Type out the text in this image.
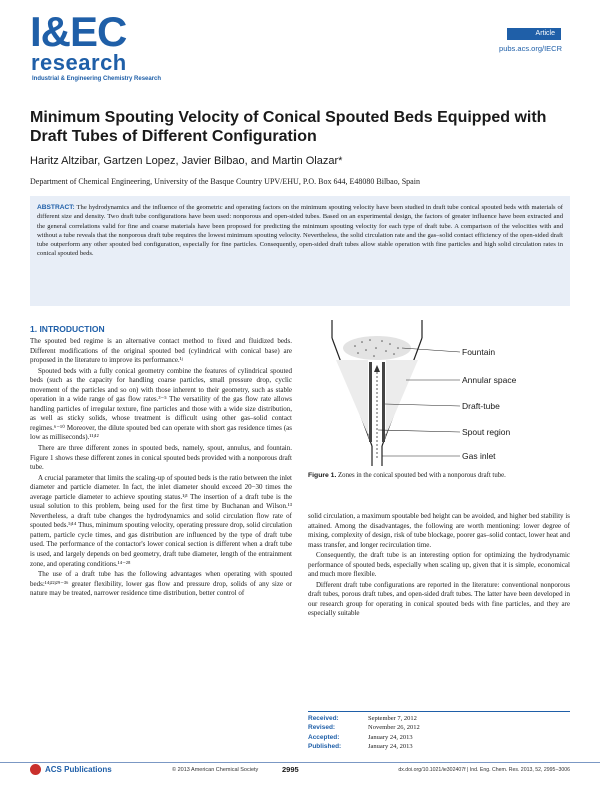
I&EC
research
Industrial & Engineering Chemistry Research
Article
pubs.acs.org/IECR
Minimum Spouting Velocity of Conical Spouted Beds Equipped with Draft Tubes of Different Configuration
Haritz Altzibar, Gartzen Lopez, Javier Bilbao, and Martin Olazar*
Department of Chemical Engineering, University of the Basque Country UPV/EHU, P.O. Box 644, E48080 Bilbao, Spain
ABSTRACT: The hydrodynamics and the influence of the geometric and operating factors on the minimum spouting velocity have been studied in draft tube conical spouted beds with materials of different size and density. Two draft tube configurations have been used: nonporous and open-sided tubes. Based on an experimental design, the factors of greater influence have been extracted and the general correlations valid for fine and coarse materials have been proposed for predicting the minimum spouting velocity for each type of draft tube. A comparison of the velocities with and without a tube reveals that the nonporous draft tube requires the lowest minimum spouting velocity. Nevertheless, the solid circulation rate and the gas–solid contact efficiency of the open-sided draft tube outperform any other spouted bed configuration, especially for fine particles. Consequently, open-sided draft tubes allow stable operation with fine particles and high solid circulation rates in conical spouted beds.
1. INTRODUCTION

The spouted bed regime is an alternative contact method to fixed and fluidized beds. Different modifications of the original spouted bed (cylindrical with conical base) are proposed in the literature to improve its performance.¹ʲ

Spouted beds with a fully conical geometry combine the features of cylindrical spouted beds (such as the capacity for handling coarse particles, small pressure drop, cyclic movement of the particles and so on) with those inherent to their geometry, such as stable operation in a wide range of gas flow rates.³⁻⁵ The versatility of the gas flow rate allows handling particles of irregular texture, fine particles and those with a wide size distribution, as well as sticky solids, whose treatment is difficult using other gas–solid contact regimes.⁶⁻¹⁰ Moreover, the dilute spouted bed can operate with short gas residence times (as low as milliseconds).¹¹ʲ¹²

There are three different zones in spouted beds, namely, spout, annulus, and fountain. Figure 1 shows these different zones in conical spouted beds provided with a nonporous draft tube.

A crucial parameter that limits the scaling-up of spouted beds is the ratio between the inlet diameter and particle diameter. In fact, the inlet diameter should exceed 20−30 times the average particle diameter to achieve spouting status.¹ʲ³ The insertion of a draft tube is the usual solution to this problem, being used for the first time by Buchanan and Wilson.¹³ Nevertheless, a draft tube changes the hydrodynamics and solid circulation flow rate of spouted beds.⁵ʲ¹⁴ Thus, minimum spouting velocity, operating pressure drop, solid circulation pattern, particle cycle times, and gas distribution are influenced by the type of draft tube used. The performance of the contactor's lower conical section is different when a draft tube is used, and largely depends on bed geometry, draft tube diameter, length of the entrainment zone, and operating conditions.¹⁴⁻²⁸

The use of a draft tube has the following advantages when operating with spouted beds:¹⁴ʲ²²ʲ²⁹⁻³⁶ greater flexibility, lower gas flow and pressure drop, solids of any size or nature may be treated, narrower residence time distribution, better control of

Fountain
Annular space
Draft-tube
Spout region
Gas inlet
Figure 1. Zones in the conical spouted bed with a nonporous draft tube.

solid circulation, a maximum spoutable bed height can be avoided, and higher bed stability is attained. Among the disadvantages, the following are worth mentioning: lower degree of mixing, complexity of design, risk of tube blockage, poorer gas–solid contact, lower heat and mass transfer, and longer recirculation time.

Consequently, the draft tube is an interesting option for optimizing the hydrodynamic performance of spouted beds, especially when scaling up, given that it is simple, economical and much more flexible.

Different draft tube configurations are reported in the literature: conventional nonporous draft tubes, porous draft tubes, and open-sided draft tubes. The latter have been developed in our research group for operating in conical spouted beds with fine particles, and they are especially suitable

Received:	September 7, 2012
Revised:	November 26, 2012
Accepted:	January 24, 2013
Published:	January 24, 2013
ACS Publications	© 2013 American Chemical Society	2995	dx.doi.org/10.1021/ie302407f | Ind. Eng. Chem. Res. 2013, 52, 2995−3006
